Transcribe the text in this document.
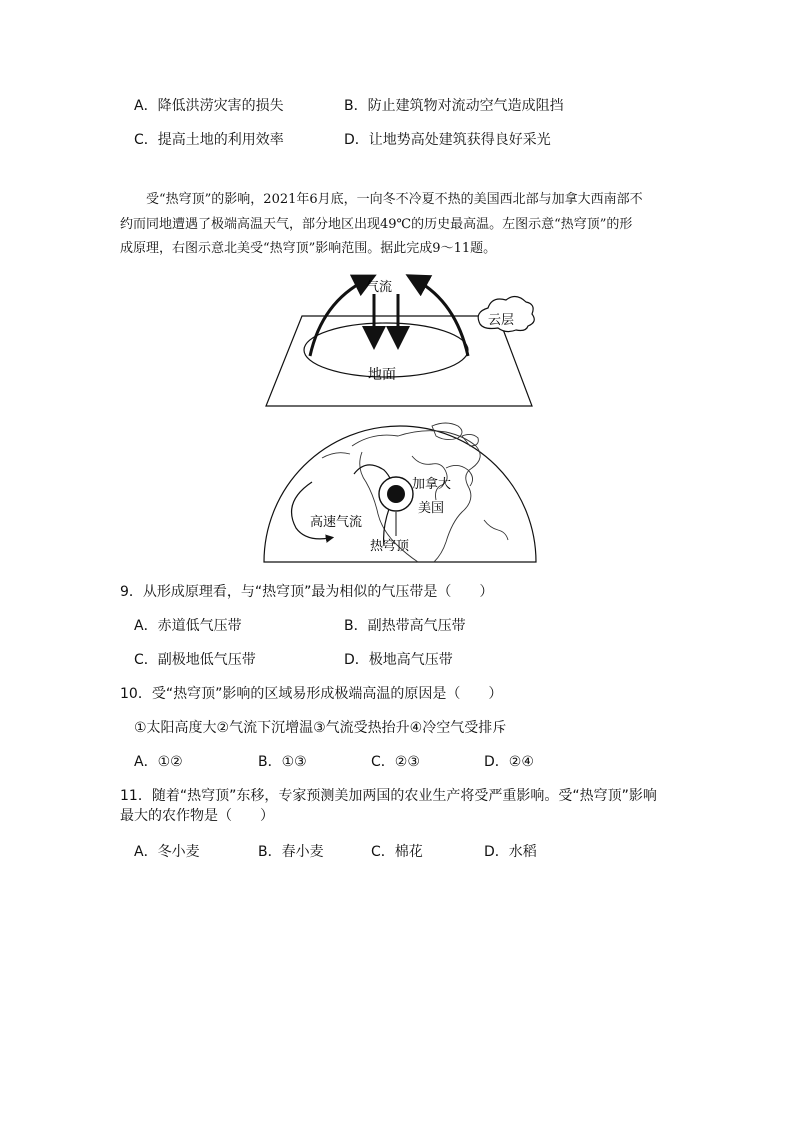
A．降低洪涝灾害的损失	B．防止建筑物对流动空气造成阻挡
C．提高土地的利用效率	D．让地势高处建筑获得良好采光

受“热穹顶”的影响，2021年6月底，一向冬不冷夏不热的美国西北部与加拿大西南部不约而同地遭遇了极端高温天气，部分地区出现49℃的历史最高温。左图示意“热穹顶”的形成原理，右图示意北美受“热穹顶”影响范围。据此完成9～11题。

气流
云层
地面
加拿大
美国
高速气流
热穹顶
9．从形成原理看，与“热穹顶”最为相似的气压带是（　　）
A．赤道低气压带	B．副热带高气压带
C．副极地低气压带	D．极地高气压带
10．受“热穹顶”影响的区域易形成极端高温的原因是（　　）
①太阳高度大②气流下沉增温③气流受热抬升④冷空气受排斥
A．①②	B．①③	C．②③	D．②④
11．随着“热穹顶”东移，专家预测美加两国的农业生产将受严重影响。受“热穹顶”影响
最大的农作物是（　　）
A．冬小麦	B．春小麦	C．棉花	D．水稻
